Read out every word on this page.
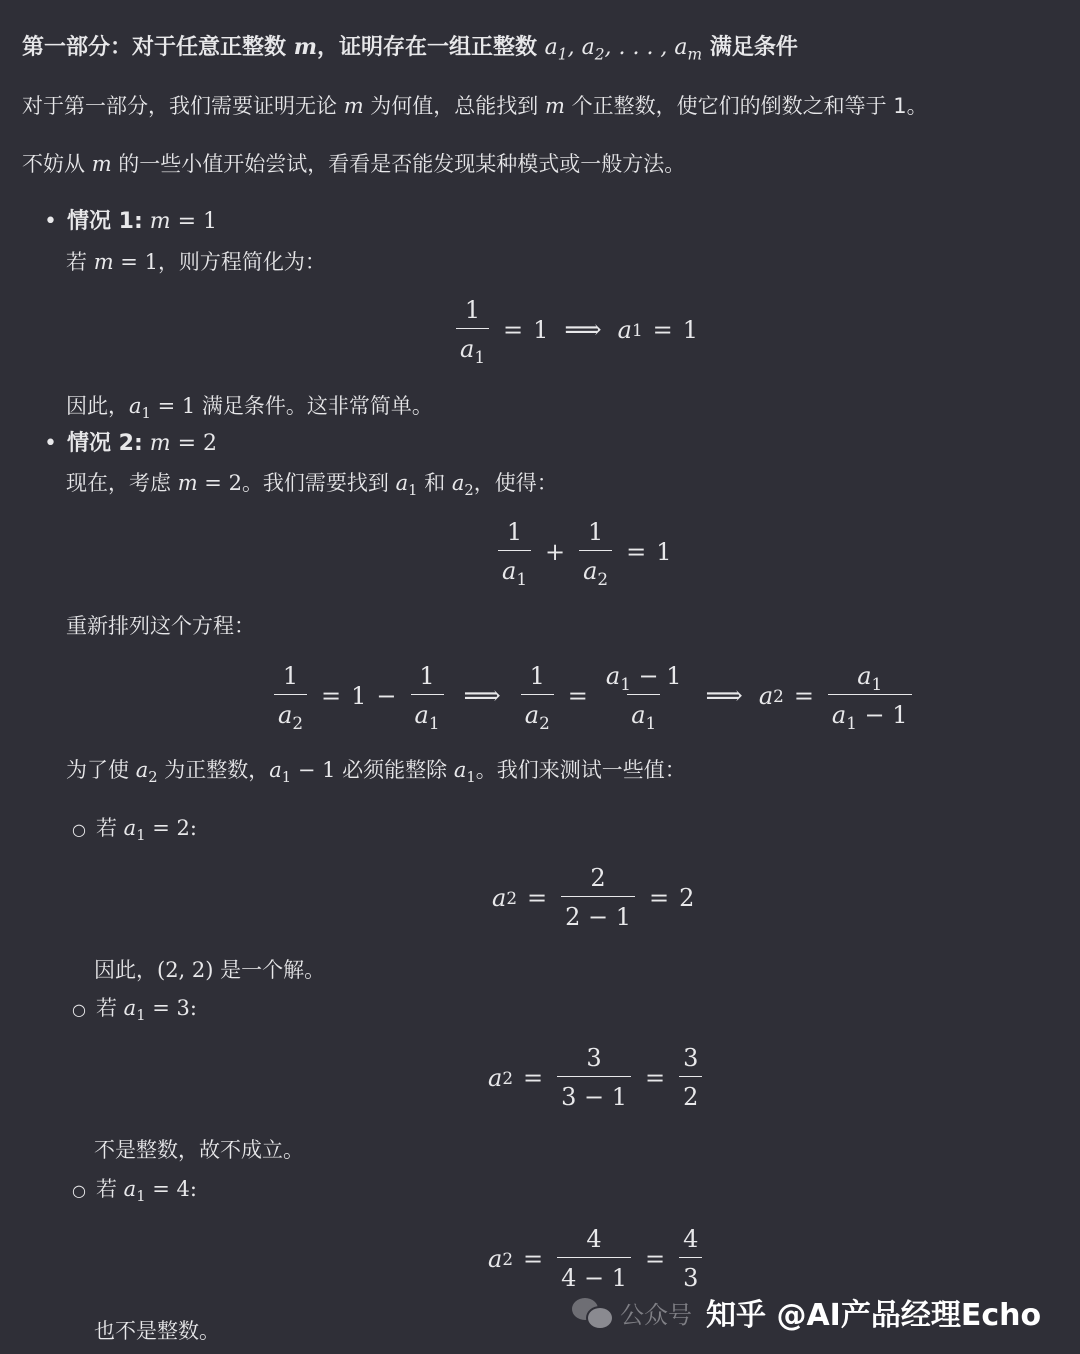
第一部分：对于任意正整数 m，证明存在一组正整数 $a_1$, $a_2$, . . . , $a_m$ 满足条件
对于第一部分，我们需要证明无论 m 为何值，总能找到 m 个正整数，使它们的倒数之和等于 1。
不妨从 m 的一些小值开始尝试，看看是否能发现某种模式或一般方法。
• 情况 1: m = 1
若 m = 1，则方程简化为：
$\frac{1}{a_1} = 1$ ⟹ a 1 = 1
因此，$a_1 = 1$ 满足条件。这非常简单。
• 情况 2: m = 2
现在，考虑 m = 2。我们需要找到 $a_1$ 和 $a_2$，使得：
$\frac{1}{a_1} + \frac{1}{a_2} = 1$
重新排列这个方程：
$\frac{1}{a_2} = 1 - \frac{1}{a_1}$ ⟹ $\frac{1}{a_2} = \frac{a_1 - 1}{a_1}$ ⟹ a $2 = \frac{a_1}{a_1 - 1}$
为了使 $a_2$ 为正整数，$a_1 - 1$ 必须能整除 $a_1$。我们来测试一些值：
○ 若 $a_1 = 2$:
a $2 = \frac{2}{2 - 1} = 2$
因此，(2, 2) 是一个解。
○ 若 $a_1 = 3$:
a $2 = \frac{3}{3 - 1} = \frac{3}{2}$
不是整数，故不成立。
○ 若 $a_1 = 4$:
a $2 = \frac{4}{4 - 1} = \frac{4}{3}$
也不是整数。
公众号 知乎 @AI产品经理Echo
